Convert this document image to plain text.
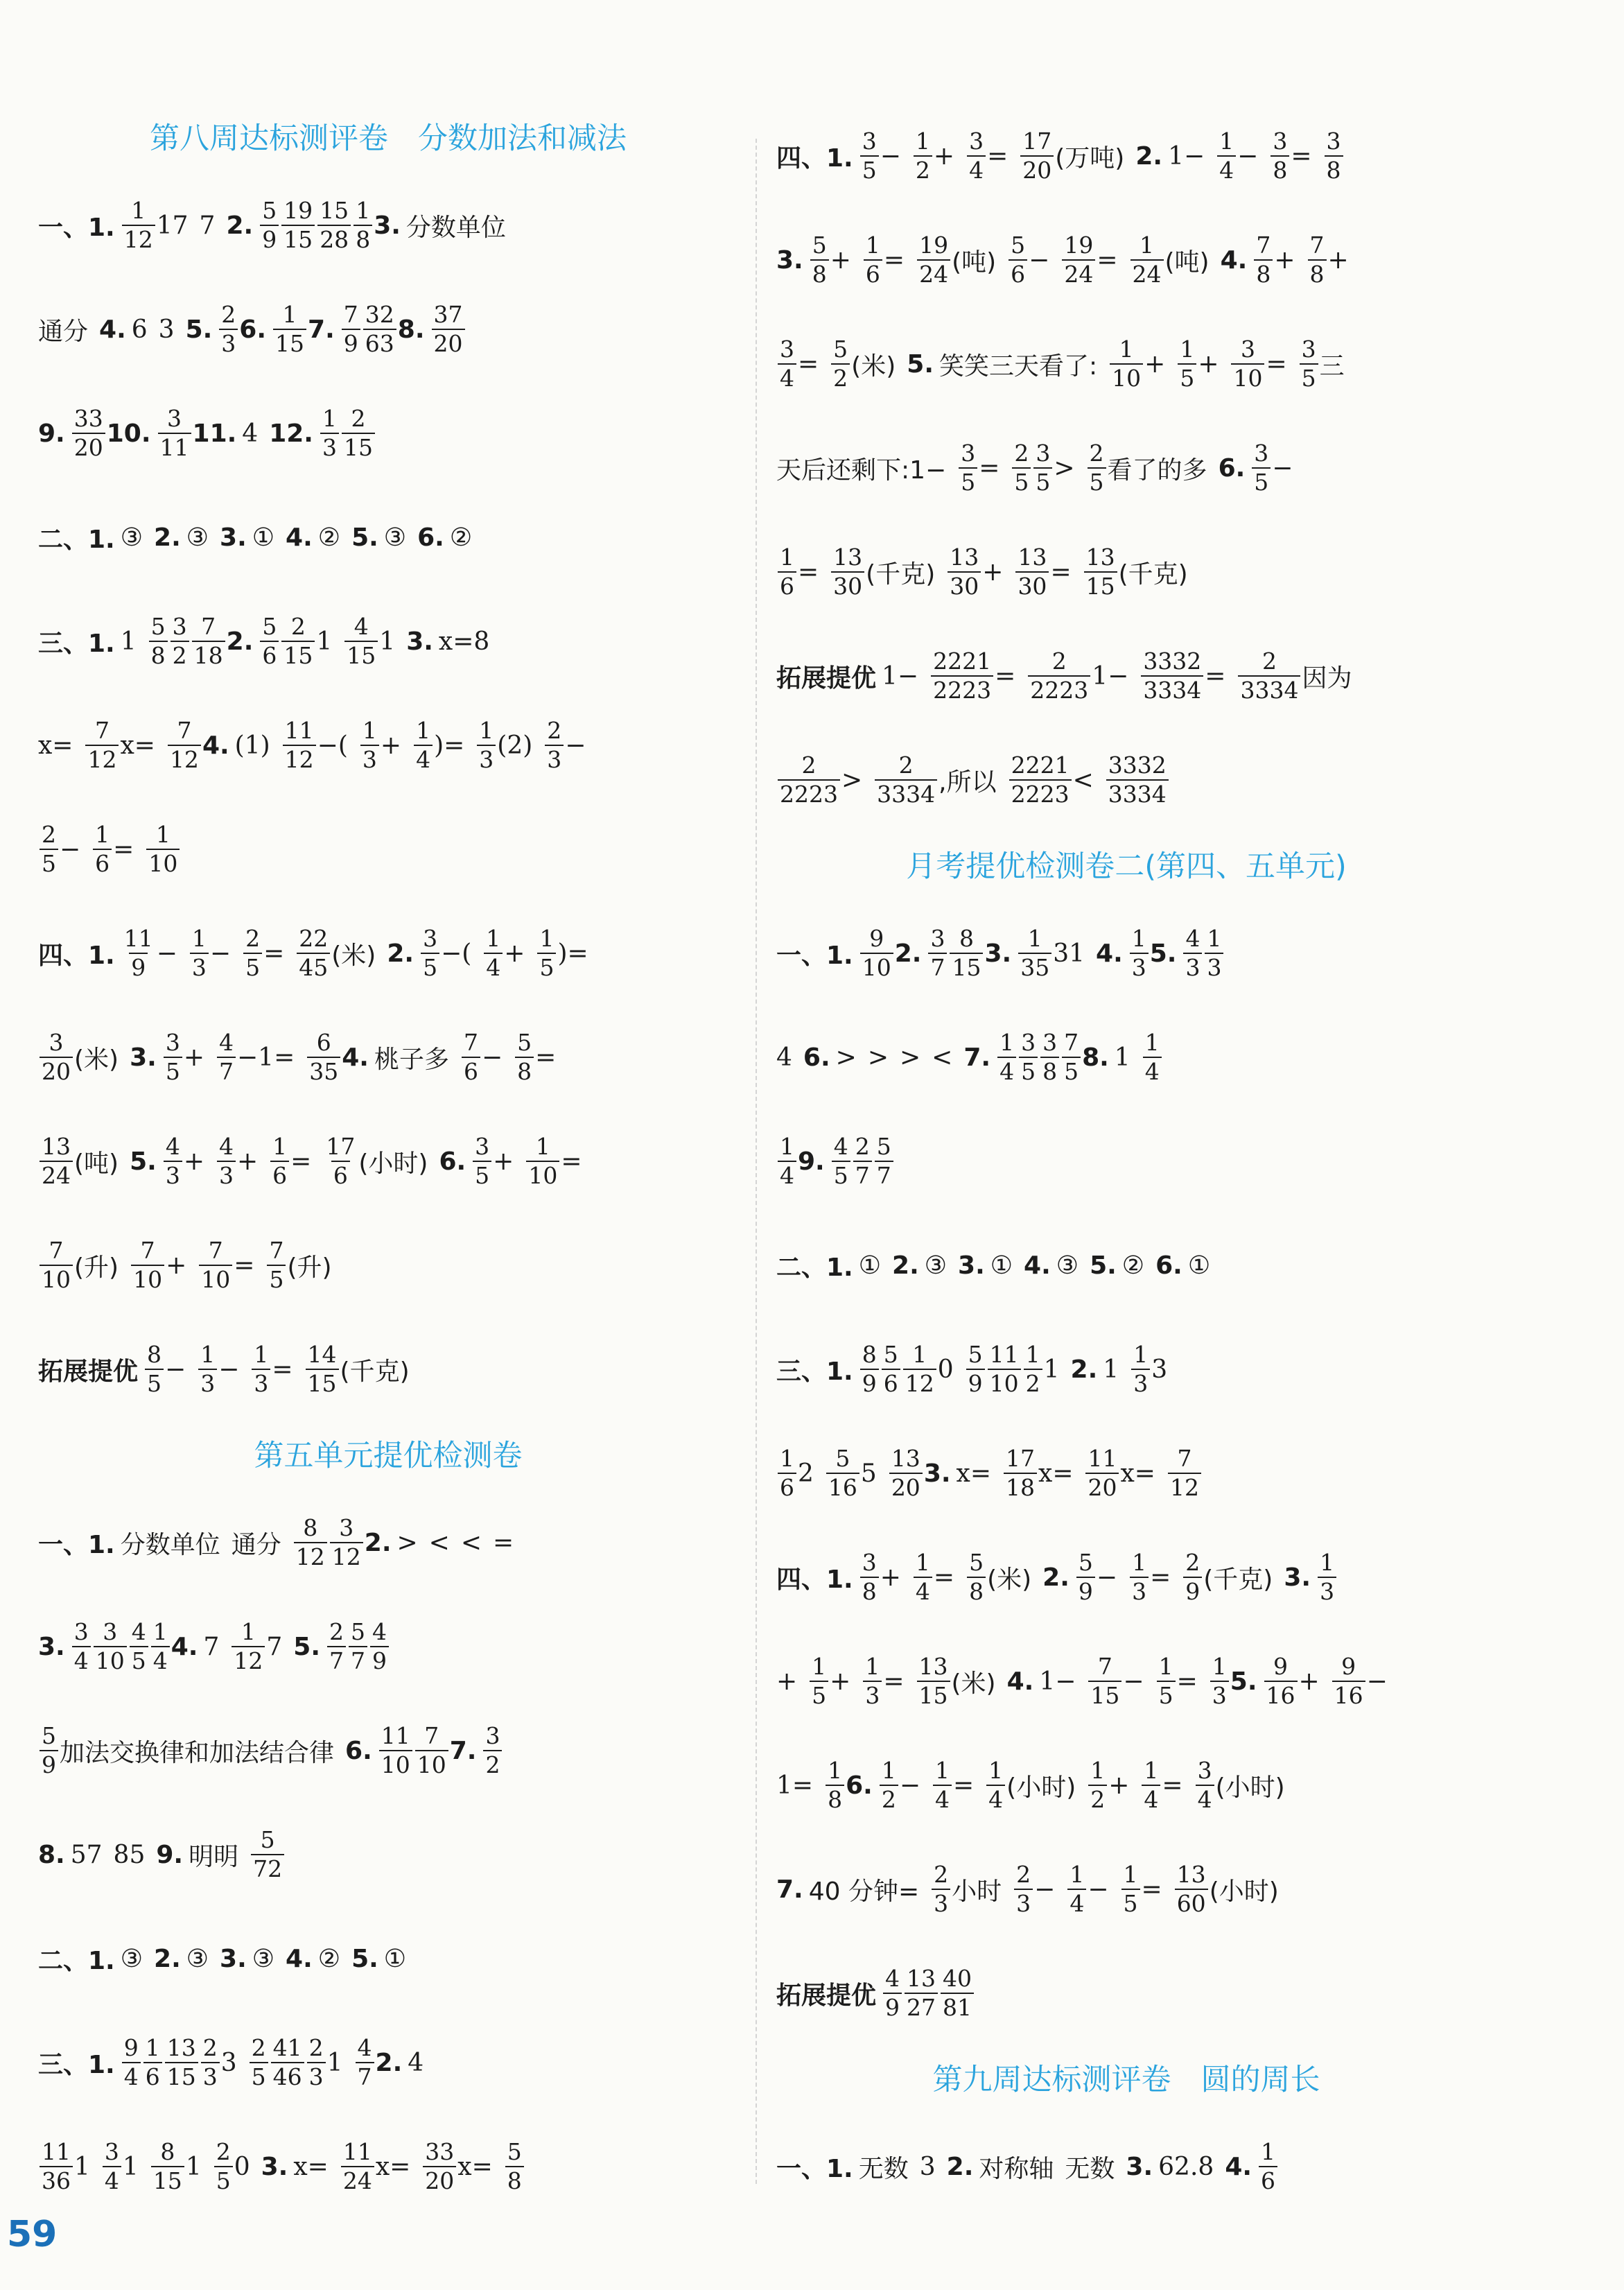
第八周达标测评卷　分数加法和减法
一、1. $\frac{1}{12} 17$ 7 2. $\frac{5}{9} \frac{19}{15} \frac{15}{28} \frac{1}{8} 3$. 分数单位
通分 4. 6 3 5. $\frac{2}{3} 6$. $\frac{1}{15} 7$. $\frac{7}{9} \frac{32}{63} 8$. $\frac{37}{20}$
9. $\frac{33}{20} 10$. $\frac{3}{11} 11$. 4 12. $\frac{1}{3} \frac{2}{15}$
二、1. ③ 2. ③ 3. ① 4. ② 5. ③ 6. ②
三、1. $1 \frac{5}{8} \frac{3}{2} \frac{7}{18} 2$. $\frac{5}{6} \frac{2}{15} 1 \frac{4}{15} 1$ 3. x=8
$x= \frac{7}{12} x= \frac{7}{12} 4$. $(1) \frac{11}{12}$ −( $\frac{1}{3} + \frac{1}{4}$ )= $\frac{1}{3} (2) \frac{2}{3}$ −
$\frac{2}{5} - \frac{1}{6} = \frac{1}{10}$
四、1. $\frac{11}{9} - \frac{1}{3} - \frac{2}{5} = \frac{22}{45}$ (米) 2. $\frac{3}{5}$ −( $\frac{1}{4} + \frac{1}{5}$ )=
$\frac{3}{20}$ (米) 3. $\frac{3}{5} + \frac{4}{7} -1= \frac{6}{35} 4$. 桃子多 $\frac{7}{6} - \frac{5}{8}$ =
$\frac{13}{24}$ (吨) 5. $\frac{4}{3} + \frac{4}{3} + \frac{1}{6} = \frac{17}{6}$ (小时) 6. $\frac{3}{5} + \frac{1}{10}$ =
$\frac{7}{10}$ (升) $\frac{7}{10} + \frac{7}{10} = \frac{7}{5}$ (升)
拓展提优 $\frac{8}{5} - \frac{1}{3} - \frac{1}{3} = \frac{14}{15}$ (千克)
第五单元提优检测卷
一、1. 分数单位 通分 $\frac{8}{12} \frac{3}{12} 2$. > < < =
3. $\frac{3}{4} \frac{3}{10} \frac{4}{5} \frac{1}{4} 4$. $7 \frac{1}{12} 7$ 5. $\frac{2}{7} \frac{5}{7} \frac{4}{9}$
$\frac{5}{9}$ 加法交换律和加法结合律 6. $\frac{11}{10} \frac{7}{10} 7$. $\frac{3}{2}$
8. 57 85 9. 明明 $\frac{5}{72}$
二、1. ③ 2. ③ 3. ③ 4. ② 5. ①
三、1. $\frac{9}{4} \frac{1}{6} \frac{13}{15} \frac{2}{3} 3 \frac{2}{5} \frac{41}{46} \frac{2}{3} 1 \frac{4}{7} 2$. 4
$\frac{11}{36} 1 \frac{3}{4} 1 \frac{8}{15} 1 \frac{2}{5} 0$ 3. $x= \frac{11}{24} x= \frac{33}{20} x= \frac{5}{8}$
四、1. $\frac{3}{5} - \frac{1}{2} + \frac{3}{4} = \frac{17}{20}$ (万吨) 2. $1- \frac{1}{4} - \frac{3}{8} = \frac{3}{8}$
3. $\frac{5}{8} + \frac{1}{6} = \frac{19}{24}$ (吨) $\frac{5}{6} - \frac{19}{24} = \frac{1}{24}$ (吨) 4. $\frac{7}{8} + \frac{7}{8}$ +
$\frac{3}{4} = \frac{5}{2}$ (米) 5. 笑笑三天看了: $\frac{1}{10} + \frac{1}{5} + \frac{3}{10} = \frac{3}{5}$ 三
天后还剩下:1− $\frac{3}{5} = \frac{2}{5} \frac{3}{5} > \frac{2}{5}$ 看了的多 6. $\frac{3}{5}$ −
$\frac{1}{6} = \frac{13}{30}$ (千克) $\frac{13}{30} + \frac{13}{30} = \frac{13}{15}$ (千克)
拓展提优 $1- \frac{2221}{2223} = \frac{2}{2223} 1- \frac{3332}{3334} = \frac{2}{3334}$ 因为
$\frac{2}{2223} > \frac{2}{3334}$ ,所以 $\frac{2221}{2223} < \frac{3332}{3334}$
月考提优检测卷二(第四、五单元)
一、1. $\frac{9}{10} 2$. $\frac{3}{7} \frac{8}{15} 3$. $\frac{1}{35} 31$ 4. $\frac{1}{3} 5$. $\frac{4}{3} \frac{1}{3}$
4 6. > > > < 7. $\frac{1}{4} \frac{3}{5} \frac{3}{8} \frac{7}{5} 8$. $1 \frac{1}{4}$
$\frac{1}{4} 9$. $\frac{4}{5} \frac{2}{7} \frac{5}{7}$
二、1. ① 2. ③ 3. ① 4. ③ 5. ② 6. ①
三、1. $\frac{8}{9} \frac{5}{6} \frac{1}{12} 0 \frac{5}{9} \frac{11}{10} \frac{1}{2} 1$ 2. $1 \frac{1}{3} 3$
$\frac{1}{6} 2 \frac{5}{16} 5 \frac{13}{20} 3$. $x= \frac{17}{18} x= \frac{11}{20} x= \frac{7}{12}$
四、1. $\frac{3}{8} + \frac{1}{4} = \frac{5}{8}$ (米) 2. $\frac{5}{9} - \frac{1}{3} = \frac{2}{9}$ (千克) 3. $\frac{1}{3}$
+ $\frac{1}{5} + \frac{1}{3} = \frac{13}{15}$ (米) 4. $1- \frac{7}{15} - \frac{1}{5} = \frac{1}{3} 5$. $\frac{9}{16} + \frac{9}{16}$ −
$1= \frac{1}{8} 6$. $\frac{1}{2} - \frac{1}{4} = \frac{1}{4}$ (小时) $\frac{1}{2} + \frac{1}{4} = \frac{3}{4}$ (小时)
7. 40 分钟= $\frac{2}{3}$ 小时 $\frac{2}{3} - \frac{1}{4} - \frac{1}{5} = \frac{13}{60}$ (小时)
拓展提优 $\frac{4}{9} \frac{13}{27} \frac{40}{81}$
第九周达标测评卷　圆的周长
一、1. 无数 3 2. 对称轴 无数 3. 62.8 4. $\frac{1}{6}$
59
